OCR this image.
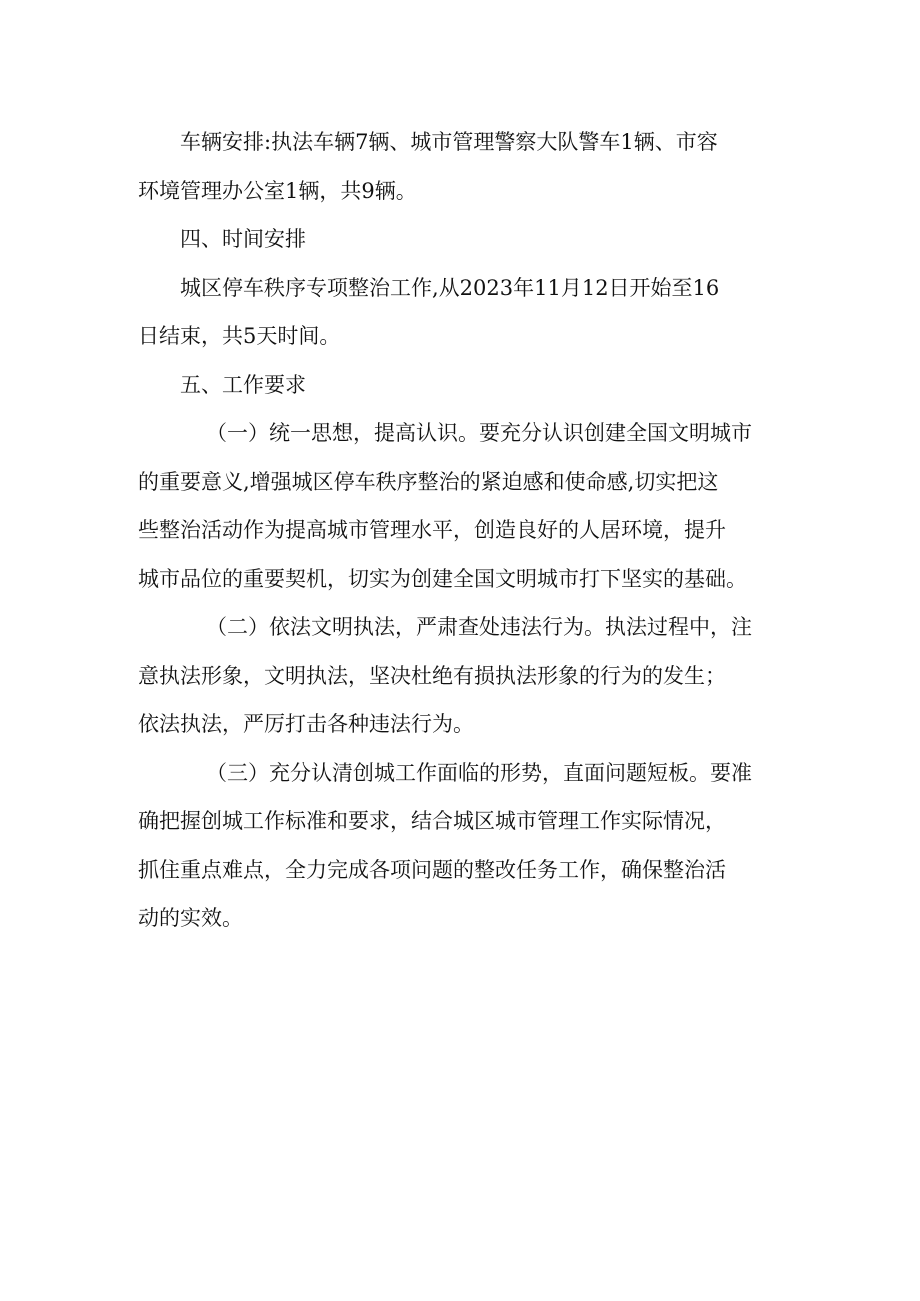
车辆安排:执法车辆7辆、城市管理警察大队警车1辆、市容
环境管理办公室1辆，共9辆。
四、时间安排
城区停车秩序专项整治工作,从2023年11月12日开始至16
日结束，共5天时间。
五、工作要求
（一）统一思想，提高认识。要充分认识创建全国文明城市
的重要意义,增强城区停车秩序整治的紧迫感和使命感,切实把这
些整治活动作为提高城市管理水平，创造良好的人居环境，提升
城市品位的重要契机，切实为创建全国文明城市打下坚实的基础。
（二）依法文明执法，严肃查处违法行为。执法过程中，注
意执法形象，文明执法，坚决杜绝有损执法形象的行为的发生；
依法执法，严厉打击各种违法行为。
（三）充分认清创城工作面临的形势，直面问题短板。要准
确把握创城工作标准和要求，结合城区城市管理工作实际情况，
抓住重点难点，全力完成各项问题的整改任务工作，确保整治活
动的实效。
